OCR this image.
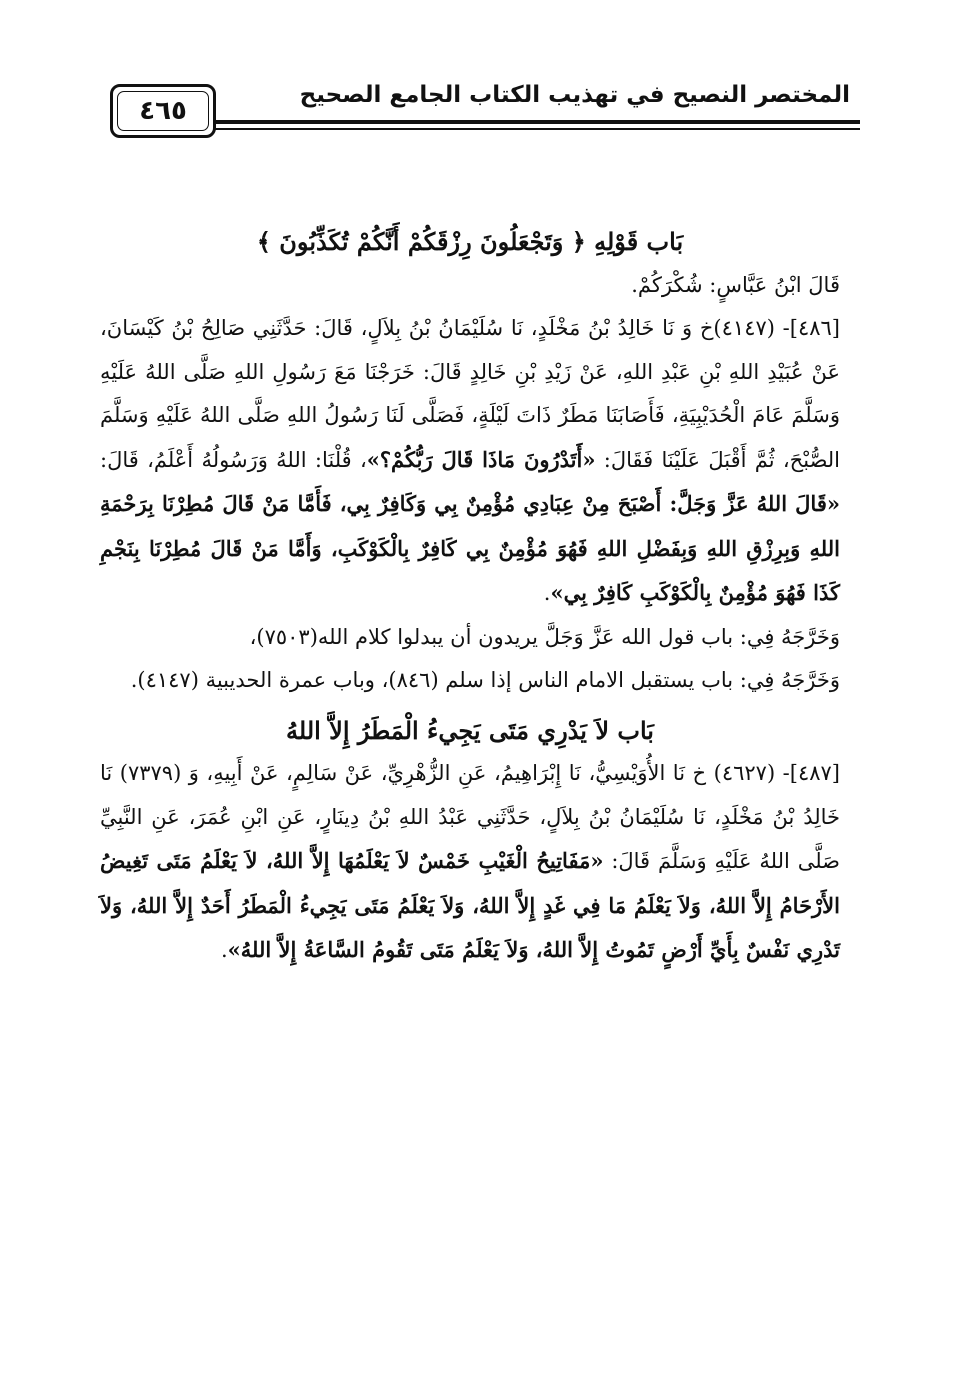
٤٦٥
المختصر النصيح في تهذيب الكتاب الجامع الصحيح

بَاب قَوْلِهِ ﴿ وَتَجْعَلُونَ رِزْقَكُمْ أَنَّكُمْ تُكَذِّبُونَ ﴾

قَالَ ابْنُ عَبَّاسٍ: شُكْرَكُمْ.

[٤٨٦]- (٤١٤٧)خ وَ نَا خَالِدُ بْنُ مَخْلَدٍ، نَا سُلَيْمَانُ بْنُ بِلاَلٍ، قَالَ: حَدَّثَنِي صَالِحُ بْنُ كَيْسَانَ، عَنْ عُبَيْدِ اللهِ بْنِ عَبْدِ اللهِ، عَنْ زَيْدِ بْنِ خَالِدٍ قَالَ: خَرَجْنَا مَعَ رَسُولِ اللهِ صَلَّى اللهُ عَلَيْهِ وَسَلَّمَ عَامَ الْحُدَيْبِيَةِ، فَأَصَابَنَا مَطَرٌ ذَاتَ لَيْلَةٍ، فَصَلَّى لَنَا رَسُولُ اللهِ صَلَّى اللهُ عَلَيْهِ وَسَلَّمَ الصُّبْحَ، ثُمَّ أَقْبَلَ عَلَيْنَا فَقَالَ: «أَتَدْرُونَ مَاذَا قَالَ رَبُّكُمْ؟»، قُلْنَا: اللهُ وَرَسُولُهُ أَعْلَمُ، قَالَ: «قَالَ اللهُ عَزَّ وَجَلَّ: أَصْبَحَ مِنْ عِبَادِي مُؤْمِنٌ بِي وَكَافِرٌ بِي، فَأَمَّا مَنْ قَالَ مُطِرْنَا بِرَحْمَةِ اللهِ وَبِرِزْقِ اللهِ وَبِفَضْلِ اللهِ فَهُوَ مُؤْمِنٌ بِي كَافِرٌ بِالْكَوْكَبِ، وَأَمَّا مَنْ قَالَ مُطِرْنَا بِنَجْمِ كَذَا فَهُوَ مُؤْمِنٌ بِالْكَوْكَبِ كَافِرٌ بِي».

وَخَرَّجَهُ فِي: باب قول الله عَزَّ وَجَلَّ يريدون أن يبدلوا كلام الله(٧٥٠٣)،

وَخَرَّجَهُ فِي: باب يستقبل الامام الناس إذا سلم (٨٤٦)، وباب عمرة الحديبية (٤١٤٧).

بَاب لاَ يَدْرِي مَتَى يَجِيءُ الْمَطَرُ إِلاَّ اللهُ

[٤٨٧]- (٤٦٢٧) خ نَا الأُوَيْسِيُّ، نَا إِبْرَاهِيمُ، عَنِ الزُّهْرِيِّ، عَنْ سَالِمٍ، عَنْ أَبِيهِ، وَ (٧٣٧٩) نَا خَالِدُ بْنُ مَخْلَدٍ، نَا سُلَيْمَانُ بْنُ بِلاَلٍ، حَدَّثَنِي عَبْدُ اللهِ بْنُ دِينَارٍ، عَنِ ابْنِ عُمَرَ، عَنِ النَّبِيِّ صَلَّى اللهُ عَلَيْهِ وَسَلَّمَ قَالَ: «مَفَاتِيحُ الْغَيْبِ خَمْسٌ لاَ يَعْلَمُهَا إِلاَّ اللهُ، لاَ يَعْلَمُ مَتَى تَغِيضُ الأَرْحَامُ إِلاَّ اللهُ، وَلاَ يَعْلَمُ مَا فِي غَدٍ إِلاَّ اللهُ، وَلاَ يَعْلَمُ مَتَى يَجِيءُ الْمَطَرُ أَحَدٌ إِلاَّ اللهُ، وَلاَ تَدْرِي نَفْسٌ بِأَيِّ أَرْضٍ تَمُوتُ إِلاَّ اللهُ، وَلاَ يَعْلَمُ مَتَى تَقُومُ السَّاعَةُ إِلاَّ اللهُ».
